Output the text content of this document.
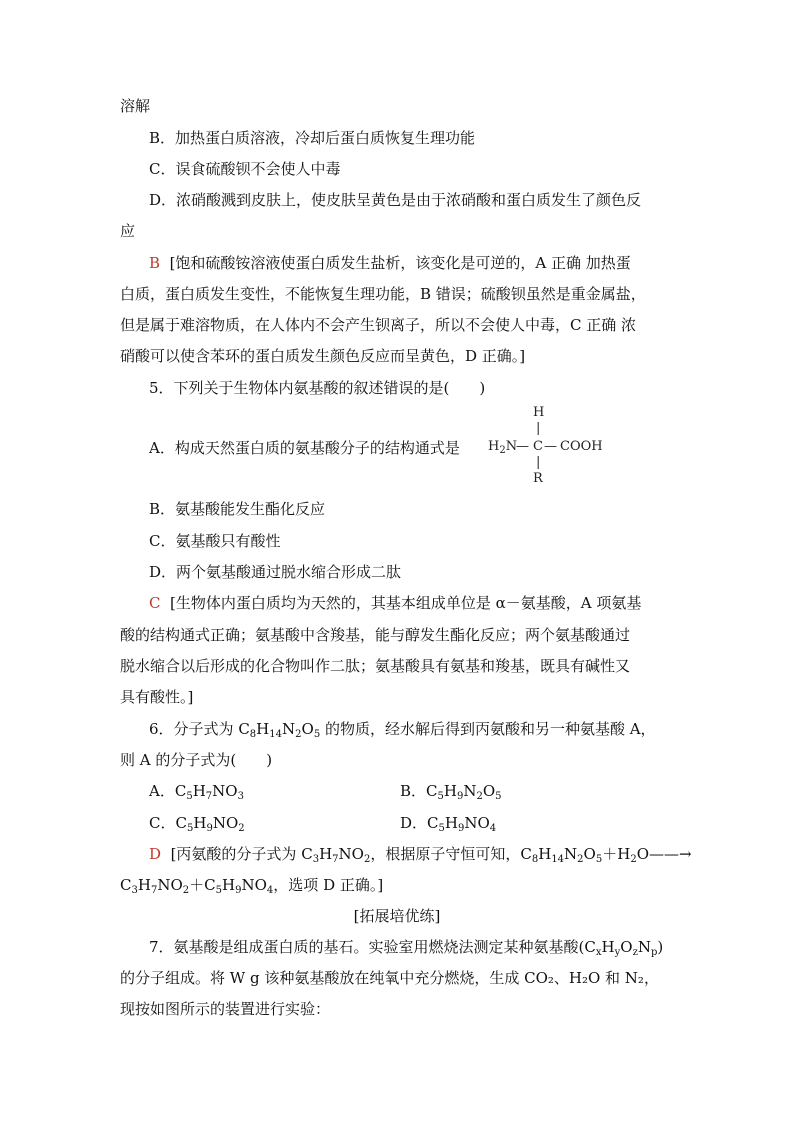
溶解
B．加热蛋白质溶液，冷却后蛋白质恢复生理功能
C．误食硫酸钡不会使人中毒
D．浓硝酸溅到皮肤上，使皮肤呈黄色是由于浓硝酸和蛋白质发生了颜色反
应
B [饱和硫酸铵溶液使蛋白质发生盐析，该变化是可逆的，A 正确 加热蛋
白质，蛋白质发生变性，不能恢复生理功能，B 错误；硫酸钡虽然是重金属盐，
但是属于难溶物质，在人体内不会产生钡离子，所以不会使人中毒，C 正确 浓
硝酸可以使含苯环的蛋白质发生颜色反应而呈黄色，D 正确。]
5．下列关于生物体内氨基酸的叙述错误的是(　　)
A．构成天然蛋白质的氨基酸分子的结构通式是
H
|
$H_2N$
— C — COOH
|
R
B．氨基酸能发生酯化反应
C．氨基酸只有酸性
D．两个氨基酸通过脱水缩合形成二肽
C [生物体内蛋白质均为天然的，其基本组成单位是 α－氨基酸，A 项氨基
酸的结构通式正确；氨基酸中含羧基，能与醇发生酯化反应；两个氨基酸通过
脱水缩合以后形成的化合物叫作二肽；氨基酸具有氨基和羧基，既具有碱性又
具有酸性。]
6．分子式为 $C_8H_{14}N_2O_5$ 的物质，经水解后得到丙氨酸和另一种氨基酸 A，
则 A 的分子式为(　　)
A．$C_5H_7NO_3$	B．$C_5H_9N_2O_5$
C．$C_5H_9NO_2$	D．$C_5H_9NO_4$
D [丙氨酸的分子式为 $C_3H_7NO_2$，根据原子守恒可知，$C_8H_{14}N_2O_5+H_2O——\to$
$C_3H_7NO_2+C_5H_9NO_4$，选项 D 正确。]
[拓展培优练]
7．氨基酸是组成蛋白质的基石。实验室用燃烧法测定某种氨基酸$(C_xH_yO_zN_p)$
的分子组成。将 W g 该种氨基酸放在纯氧中充分燃烧，生成 CO₂、H₂O 和 N₂，
现按如图所示的装置进行实验：
